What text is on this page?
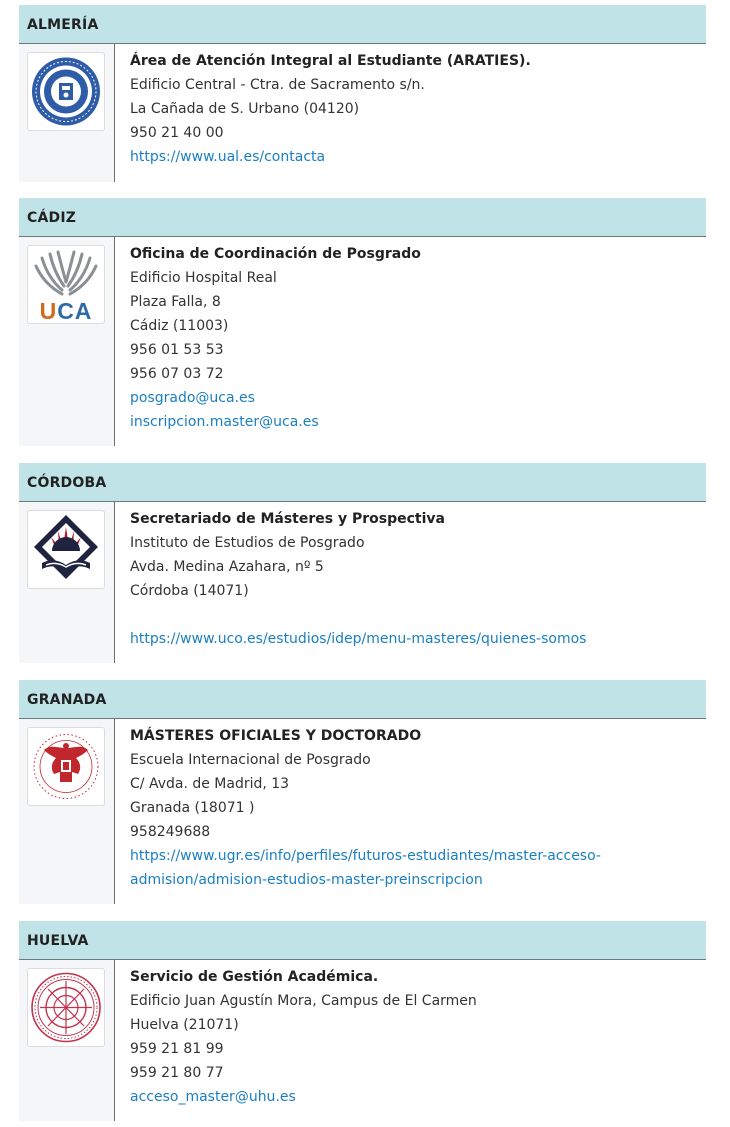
ALMERÍA
Área de Atención Integral al Estudiante (ARATIES).
Edificio Central - Ctra. de Sacramento s/n.
La Cañada de S. Urbano (04120)
950 21 40 00
https://www.ual.es/contacta
CÁDIZ
UCA
Oficina de Coordinación de Posgrado
Edificio Hospital Real
Plaza Falla, 8
Cádiz (11003)
956 01 53 53
956 07 03 72
posgrado@uca.es
inscripcion.master@uca.es
CÓRDOBA
Secretariado de Másteres y Prospectiva
Instituto de Estudios de Posgrado
Avda. Medina Azahara, nº 5
Córdoba (14071)
https://www.uco.es/estudios/idep/menu-masteres/quienes-somos
GRANADA
MÁSTERES OFICIALES Y DOCTORADO
Escuela Internacional de Posgrado
C/ Avda. de Madrid, 13
Granada (18071 )
958249688
https://www.ugr.es/info/perfiles/futuros-estudiantes/master-acceso-
admision/admision-estudios-master-preinscripcion
HUELVA
Servicio de Gestión Académica.
Edificio Juan Agustín Mora, Campus de El Carmen
Huelva (21071)
959 21 81 99
959 21 80 77
acceso_master@uhu.es
